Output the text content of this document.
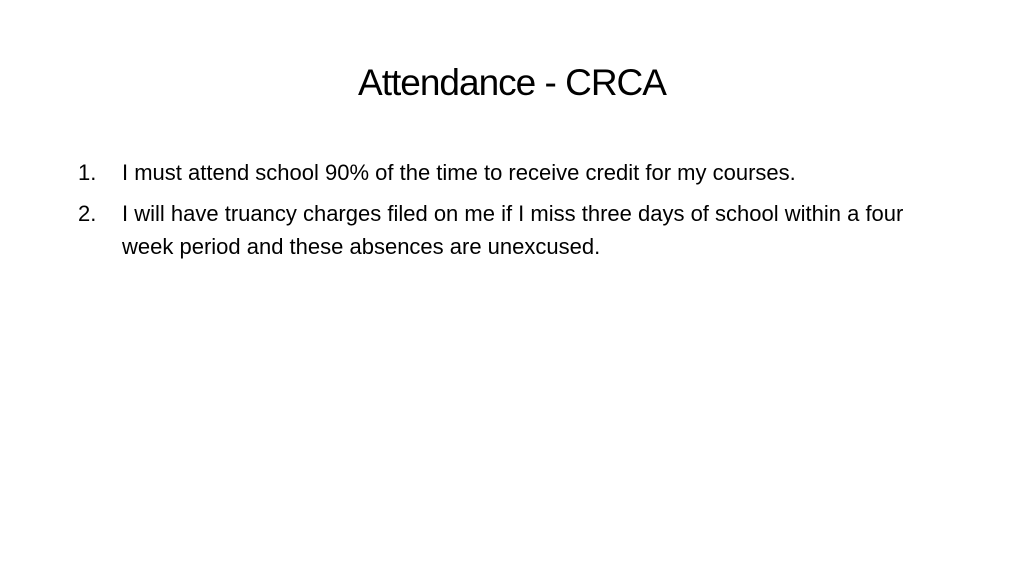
Attendance - CRCA
1.	I must attend school 90% of the time to receive credit for my courses.
2.	I will have truancy charges filed on me if I miss three days of school within a four week period and these absences are unexcused.
